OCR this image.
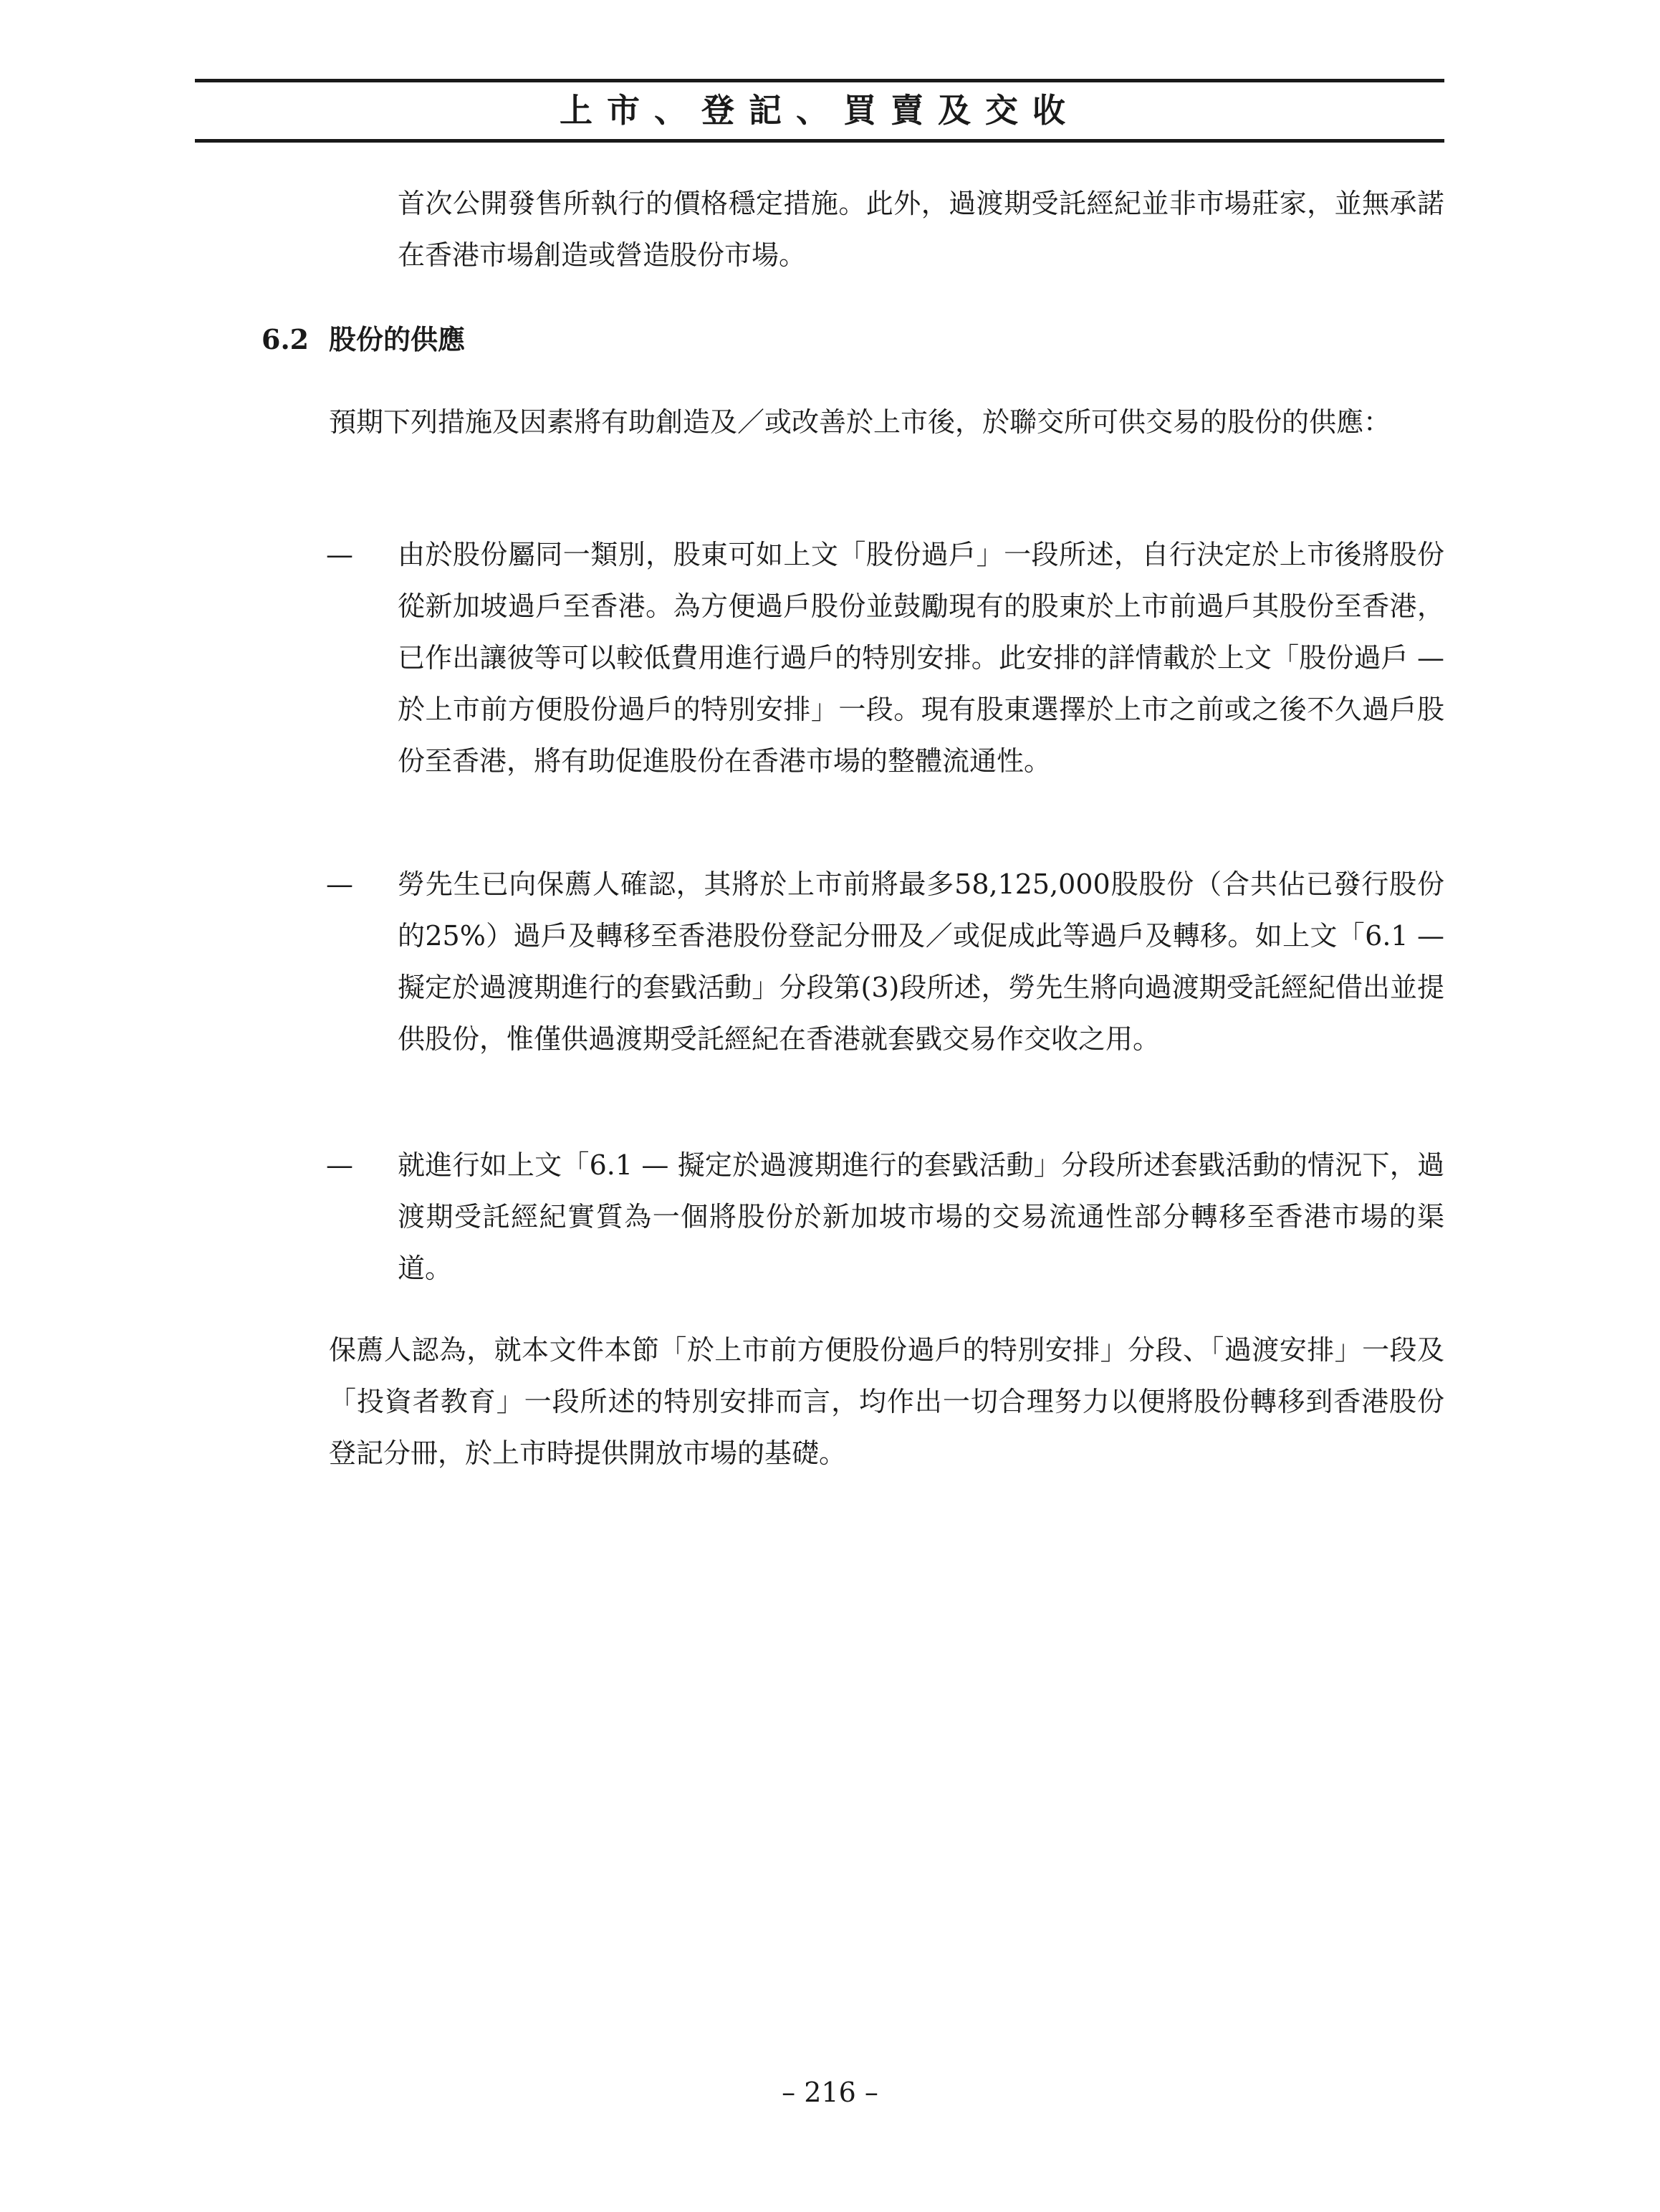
上市、登記、買賣及交收
首次公開發售所執行的價格穩定措施。此外，過渡期受託經紀並非市場莊家，並無承諾在香港市場創造或營造股份市場。
6.2 股份的供應
預期下列措施及因素將有助創造及／或改善於上市後，於聯交所可供交易的股份的供應：
— 由於股份屬同一類別，股東可如上文「股份過戶」一段所述，自行決定於上市後將股份從新加坡過戶至香港。為方便過戶股份並鼓勵現有的股東於上市前過戶其股份至香港，已作出讓彼等可以較低費用進行過戶的特別安排。此安排的詳情載於上文「股份過戶 — 於上市前方便股份過戶的特別安排」一段。現有股東選擇於上市之前或之後不久過戶股份至香港，將有助促進股份在香港市場的整體流通性。
— 勞先生已向保薦人確認，其將於上市前將最多58,125,000股股份（合共佔已發行股份的25%）過戶及轉移至香港股份登記分冊及／或促成此等過戶及轉移。如上文「6.1 — 擬定於過渡期進行的套戥活動」分段第(3)段所述，勞先生將向過渡期受託經紀借出並提供股份，惟僅供過渡期受託經紀在香港就套戥交易作交收之用。
— 就進行如上文「6.1 — 擬定於過渡期進行的套戥活動」分段所述套戥活動的情況下，過渡期受託經紀實質為一個將股份於新加坡市場的交易流通性部分轉移至香港市場的渠道。
保薦人認為，就本文件本節「於上市前方便股份過戶的特別安排」分段、「過渡安排」一段及「投資者教育」一段所述的特別安排而言，均作出一切合理努力以便將股份轉移到香港股份登記分冊，於上市時提供開放市場的基礎。
– 216 –
